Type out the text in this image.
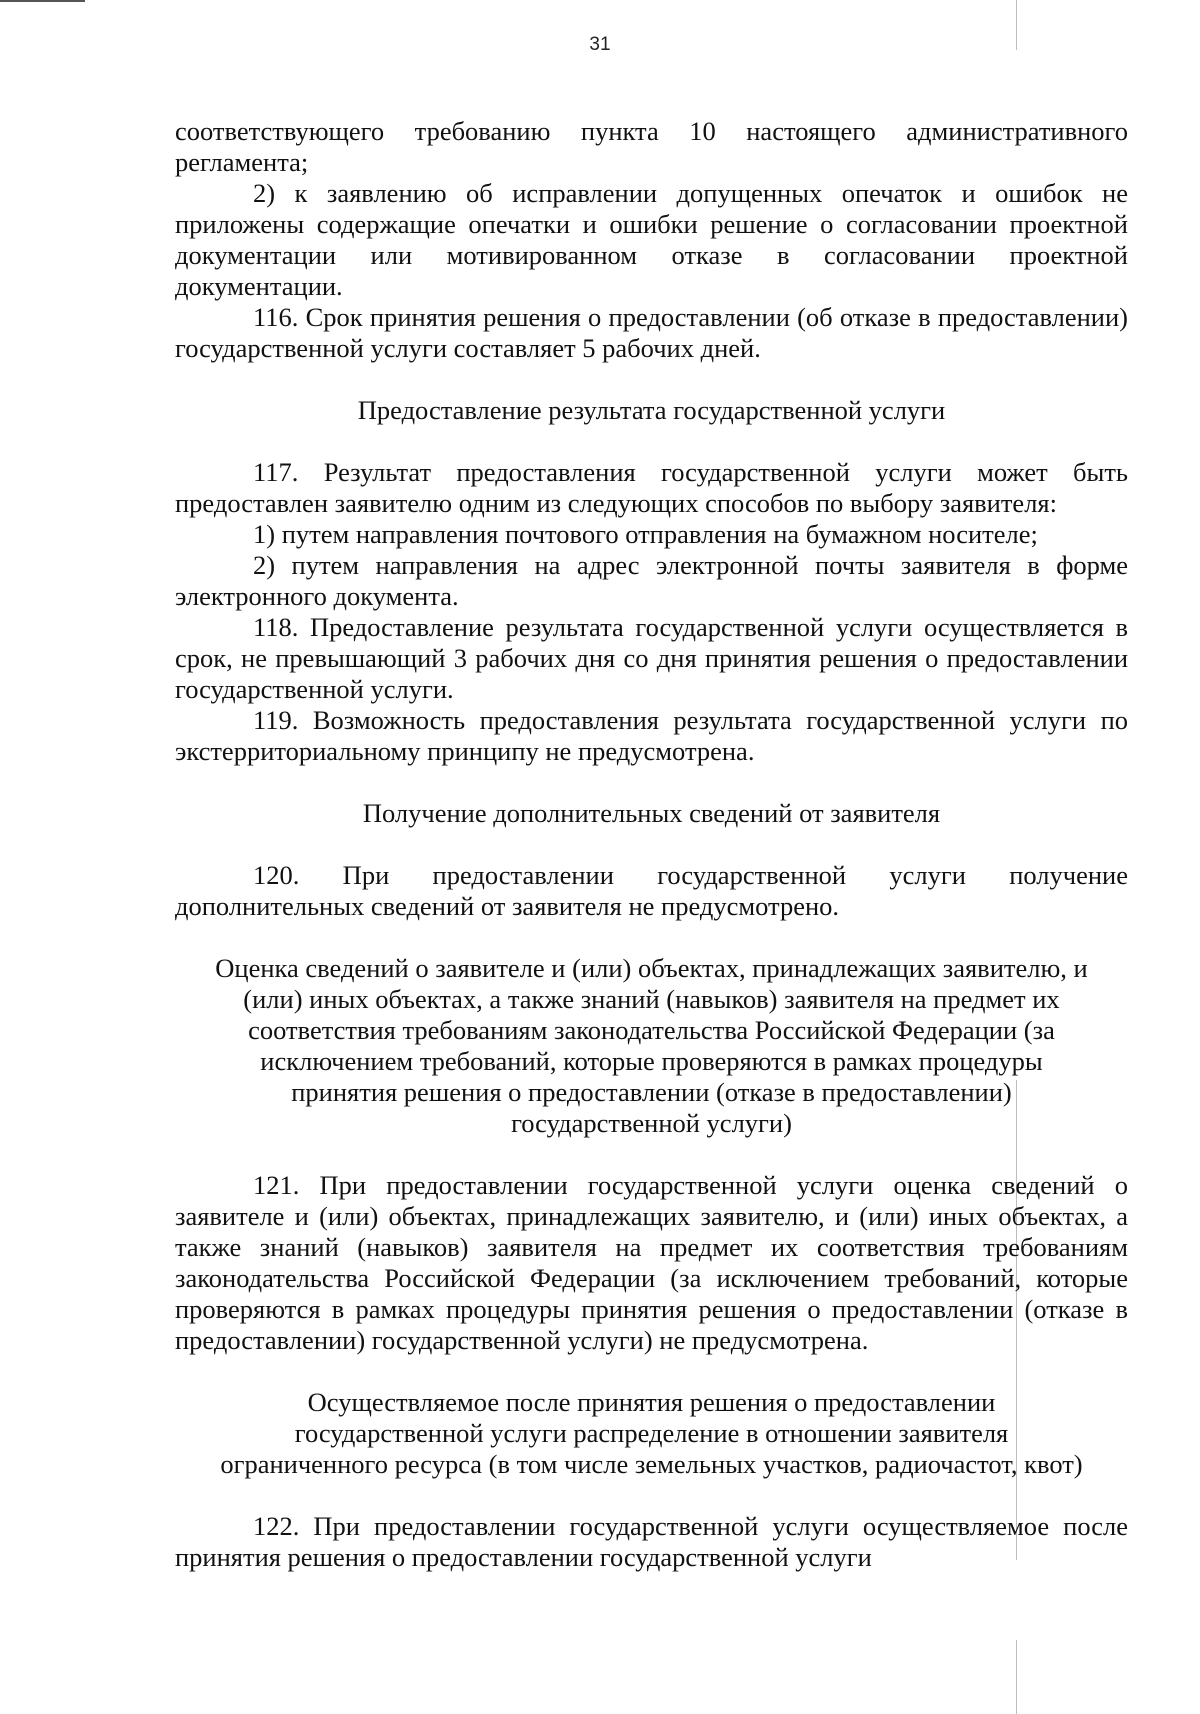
31

соответствующего требованию пункта 10 настоящего административного регламента;

2) к заявлению об исправлении допущенных опечаток и ошибок не приложены содержащие опечатки и ошибки решение о согласовании проектной документации или мотивированном отказе в согласовании проектной документации.

116. Срок принятия решения о предоставлении (об отказе в предоставлении) государственной услуги составляет 5 рабочих дней.

Предоставление результата государственной услуги

117. Результат предоставления государственной услуги может быть предоставлен заявителю одним из следующих способов по выбору заявителя:

1) путем направления почтового отправления на бумажном носителе;

2) путем направления на адрес электронной почты заявителя в форме электронного документа.

118. Предоставление результата государственной услуги осуществляется в срок, не превышающий 3 рабочих дня со дня принятия решения о предоставлении государственной услуги.

119. Возможность предоставления результата государственной услуги по экстерриториальному принципу не предусмотрена.

Получение дополнительных сведений от заявителя

120. При предоставлении государственной услуги получение дополнительных сведений от заявителя не предусмотрено.

Оценка сведений о заявителе и (или) объектах, принадлежащих заявителю, и (или) иных объектах, а также знаний (навыков) заявителя на предмет их соответствия требованиям законодательства Российской Федерации (за исключением требований, которые проверяются в рамках процедуры принятия решения о предоставлении (отказе в предоставлении) государственной услуги)

121. При предоставлении государственной услуги оценка сведений о заявителе и (или) объектах, принадлежащих заявителю, и (или) иных объектах, а также знаний (навыков) заявителя на предмет их соответствия требованиям законодательства Российской Федерации (за исключением требований, которые проверяются в рамках процедуры принятия решения о предоставлении (отказе в предоставлении) государственной услуги) не предусмотрена.

Осуществляемое после принятия решения о предоставлении государственной услуги распределение в отношении заявителя ограниченного ресурса (в том числе земельных участков, радиочастот, квот)

122. При предоставлении государственной услуги осуществляемое после принятия решения о предоставлении государственной услуги
